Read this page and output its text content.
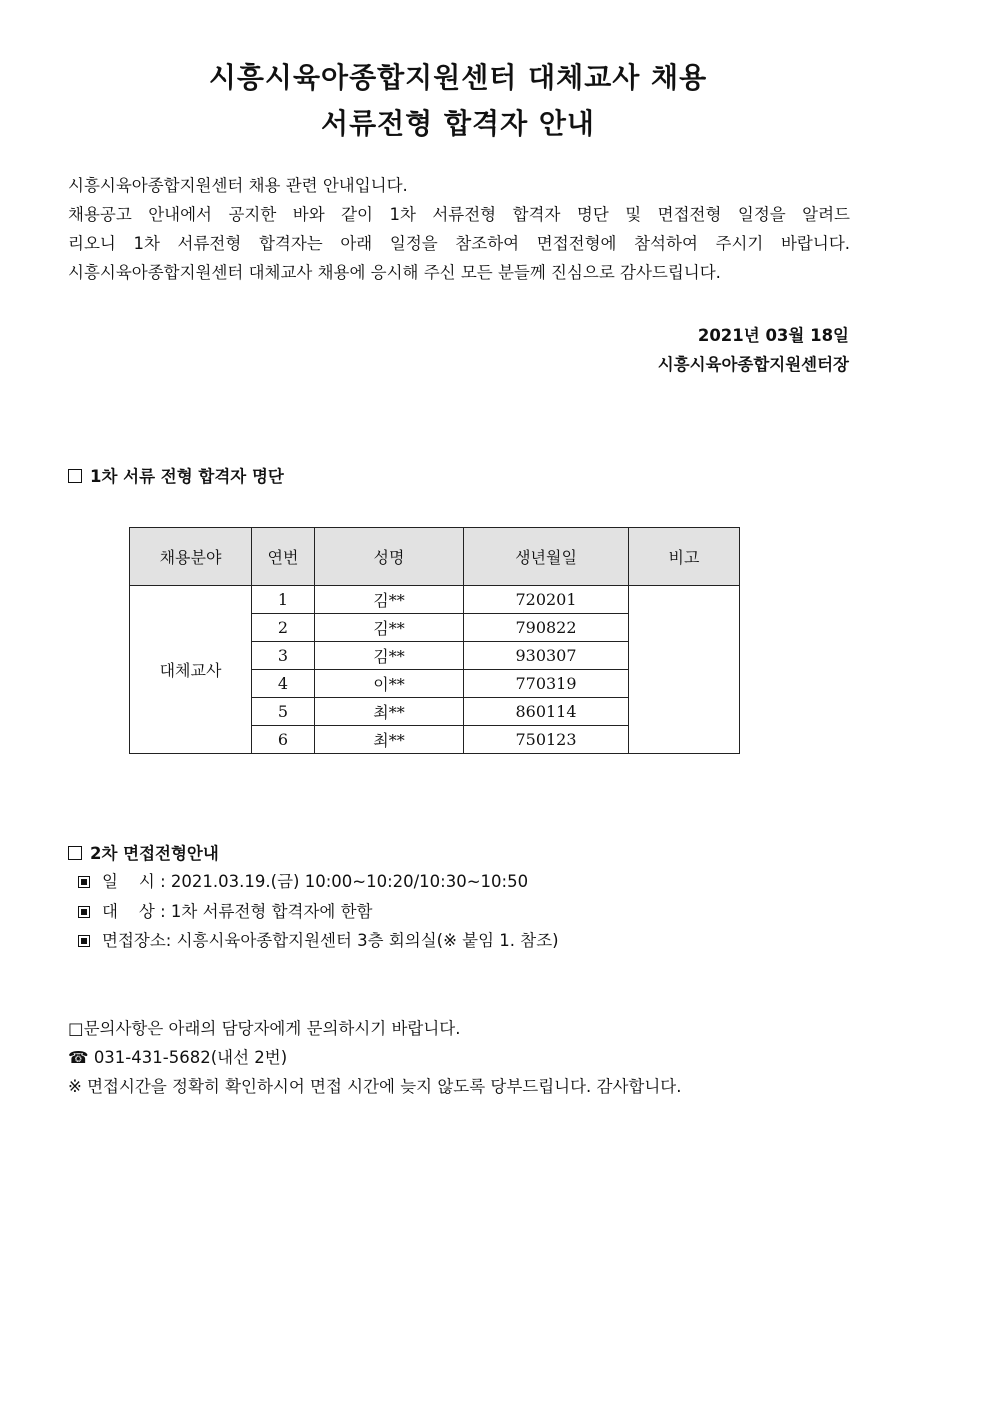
시흥시육아종합지원센터 대체교사 채용
서류전형 합격자 안내
시흥시육아종합지원센터 채용 관련 안내입니다.
채용공고 안내에서 공지한 바와 같이 1차 서류전형 합격자 명단 및 면접전형 일정을 알려드
리오니 1차 서류전형 합격자는 아래 일정을 참조하여 면접전형에 참석하여 주시기 바랍니다.
시흥시육아종합지원센터 대체교사 채용에 응시해 주신 모든 분들께 진심으로 감사드립니다.
2021년 03월 18일
시흥시육아종합지원센터장
1차 서류 전형 합격자 명단
채용분야	연번	성명	생년월일	비고
대체교사	1	김**	720201	
	2	김**	790822	
	3	김**	930307	
	4	이**	770319	
	5	최**	860114	
	6	최**	750123	
2차 면접전형안내
일    시 : 2021.03.19.(금) 10:00~10:20/10:30~10:50
대    상 : 1차 서류전형 합격자에 한함
면접장소: 시흥시육아종합지원센터 3층 회의실(※ 붙임 1. 참조)
□문의사항은 아래의 담당자에게 문의하시기 바랍니다.
☎ 031-431-5682(내선 2번)
※ 면접시간을 정확히 확인하시어 면접 시간에 늦지 않도록 당부드립니다. 감사합니다.
